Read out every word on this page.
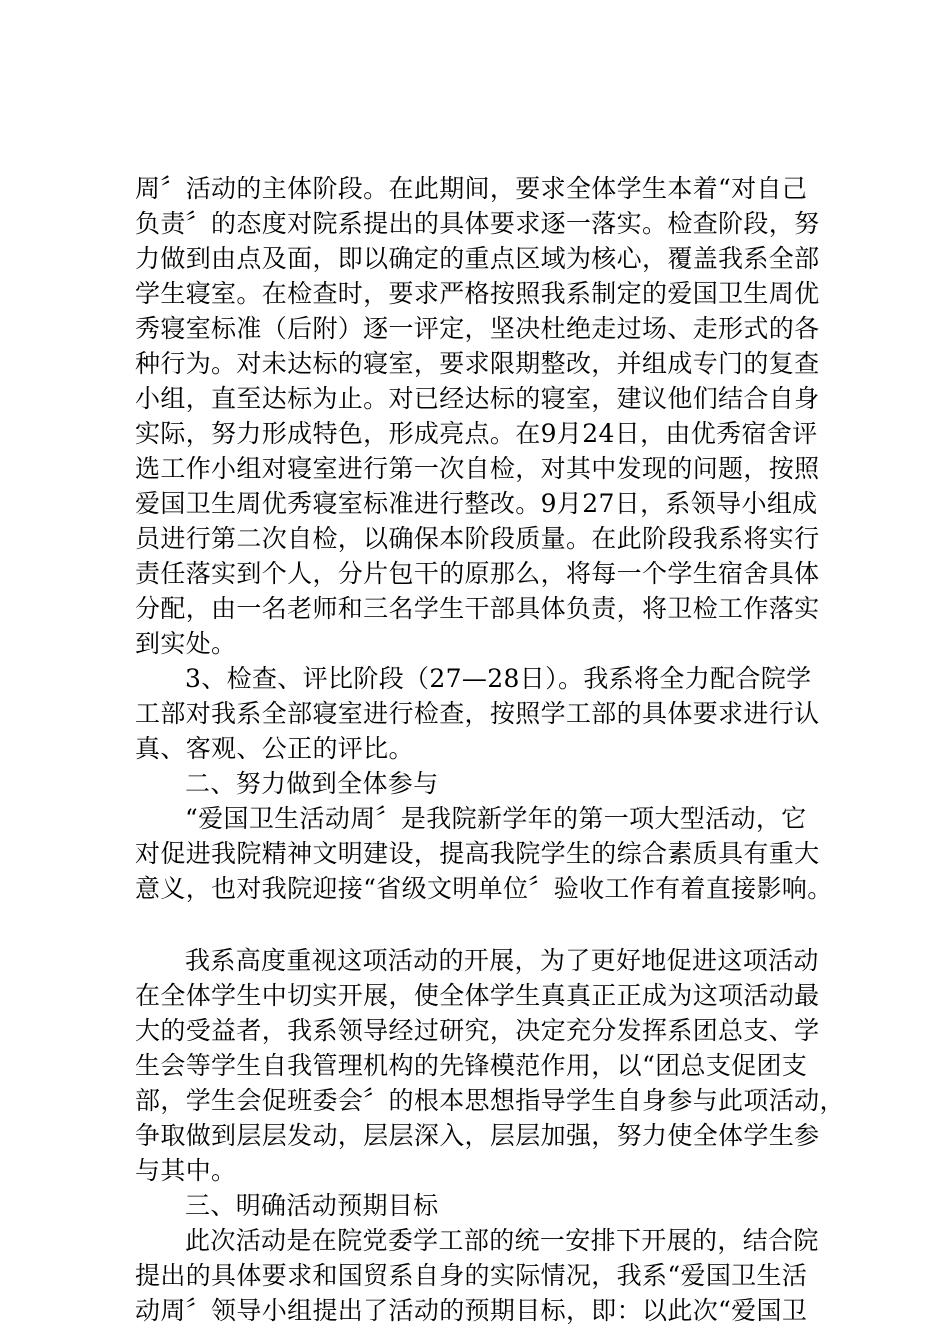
周〞活动的主体阶段。在此期间，要求全体学生本着“对自己
负责〞的态度对院系提出的具体要求逐一落实。检查阶段，努
力做到由点及面，即以确定的重点区域为核心，覆盖我系全部
学生寝室。在检查时，要求严格按照我系制定的爱国卫生周优
秀寝室标准（后附）逐一评定，坚决杜绝走过场、走形式的各
种行为。对未达标的寝室，要求限期整改，并组成专门的复查
小组，直至达标为止。对已经达标的寝室，建议他们结合自身
实际，努力形成特色，形成亮点。在9月24日，由优秀宿舍评
选工作小组对寝室进行第一次自检，对其中发现的问题，按照
爱国卫生周优秀寝室标准进行整改。9月27日，系领导小组成
员进行第二次自检，以确保本阶段质量。在此阶段我系将实行
责任落实到个人，分片包干的原那么，将每一个学生宿舍具体
分配，由一名老师和三名学生干部具体负责，将卫检工作落实
到实处。
3、检查、评比阶段（27—28日）。我系将全力配合院学
工部对我系全部寝室进行检查，按照学工部的具体要求进行认
真、客观、公正的评比。
二、努力做到全体参与
“爱国卫生活动周〞是我院新学年的第一项大型活动，它
对促进我院精神文明建设，提高我院学生的综合素质具有重大
意义，也对我院迎接“省级文明单位〞验收工作有着直接影响。
我系高度重视这项活动的开展，为了更好地促进这项活动
在全体学生中切实开展，使全体学生真真正正成为这项活动最
大的受益者，我系领导经过研究，决定充分发挥系团总支、学
生会等学生自我管理机构的先锋模范作用，以“团总支促团支
部，学生会促班委会〞的根本思想指导学生自身参与此项活动，
争取做到层层发动，层层深入，层层加强，努力使全体学生参
与其中。
三、明确活动预期目标
此次活动是在院党委学工部的统一安排下开展的，结合院
提出的具体要求和国贸系自身的实际情况，我系“爱国卫生活
动周〞领导小组提出了活动的预期目标，即：以此次“爱国卫
